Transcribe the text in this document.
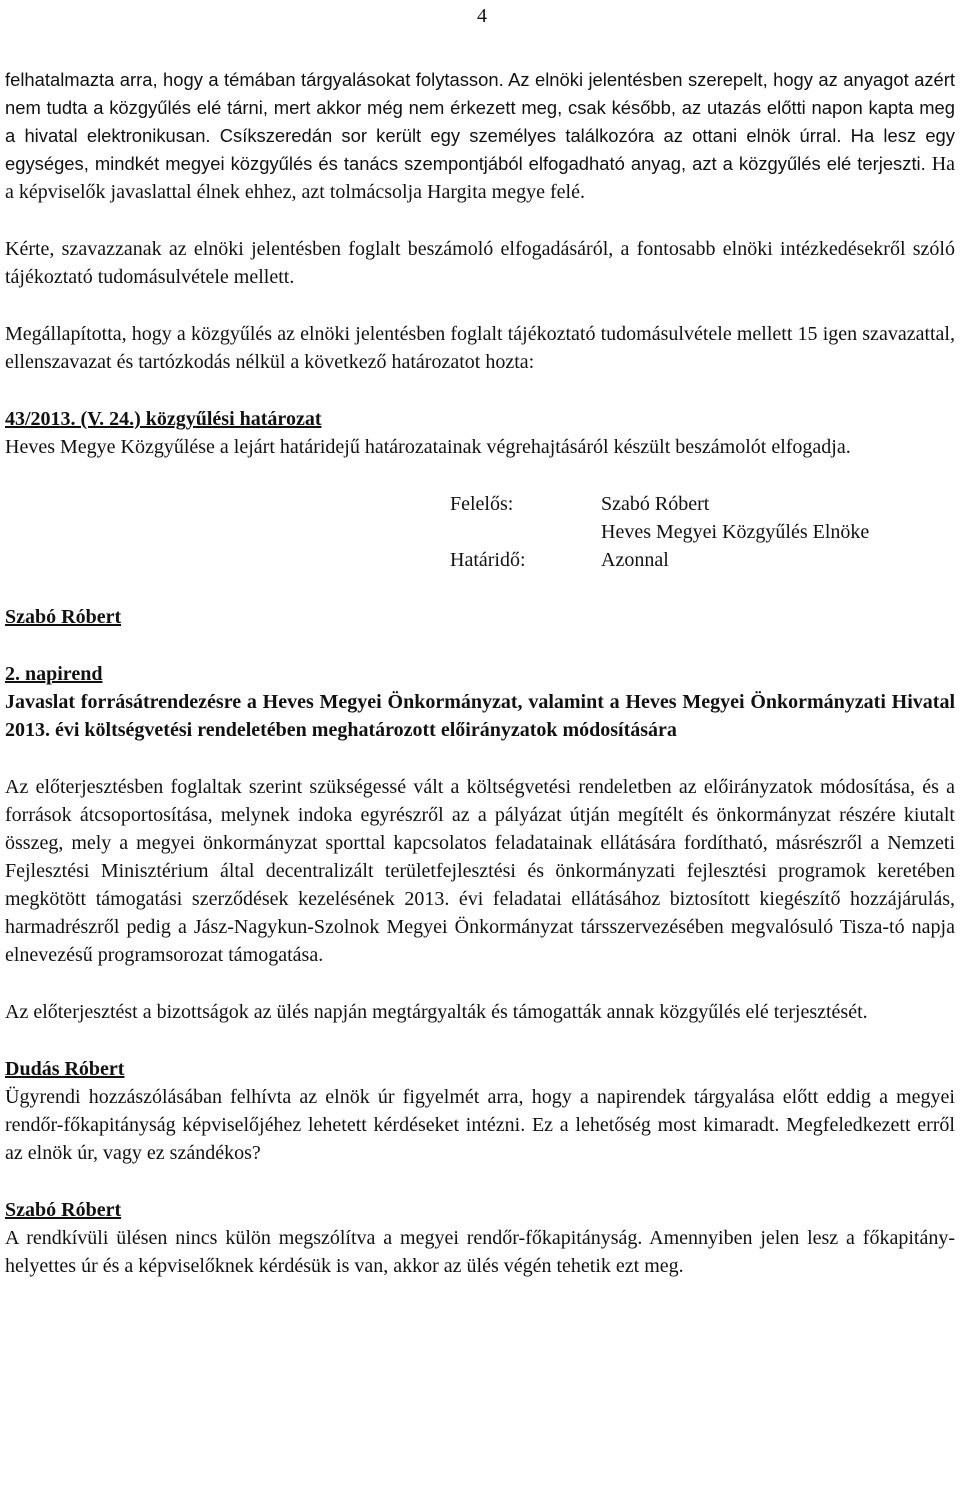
4

felhatalmazta arra, hogy a témában tárgyalásokat folytasson. Az elnöki jelentésben szerepelt, hogy az anyagot azért nem tudta a közgyűlés elé tárni, mert akkor még nem érkezett meg, csak később, az utazás előtti napon kapta meg a hivatal elektronikusan. Csíkszeredán sor került egy személyes találkozóra az ottani elnök úrral. Ha lesz egy egységes, mindkét megyei közgyűlés és tanács szempontjából elfogadható anyag, azt a közgyűlés elé terjeszti. Ha a képviselők javaslattal élnek ehhez, azt tolmácsolja Hargita megye felé.

Kérte, szavazzanak az elnöki jelentésben foglalt beszámoló elfogadásáról, a fontosabb elnöki intézkedésekről szóló tájékoztató tudomásulvétele mellett.

Megállapította, hogy a közgyűlés az elnöki jelentésben foglalt tájékoztató tudomásulvétele mellett 15 igen szavazattal, ellenszavazat és tartózkodás nélkül a következő határozatot hozta:

43/2013. (V. 24.) közgyűlési határozat

Heves Megye Közgyűlése a lejárt határidejű határozatainak végrehajtásáról készült beszámolót elfogadja.

Felelős:	Szabó Róbert
Heves Megyei Közgyűlés Elnöke
Határidő:	Azonnal

Szabó Róbert

2. napirend

Javaslat forrásátrendezésre a Heves Megyei Önkormányzat, valamint a Heves Megyei Önkormányzati Hivatal 2013. évi költségvetési rendeletében meghatározott előirányzatok módosítására

Az előterjesztésben foglaltak szerint szükségessé vált a költségvetési rendeletben az előirányzatok módosítása, és a források átcsoportosítása, melynek indoka egyrészről az a pályázat útján megítélt és önkormányzat részére kiutalt összeg, mely a megyei önkormányzat sporttal kapcsolatos feladatainak ellátására fordítható, másrészről a Nemzeti Fejlesztési Minisztérium által decentralizált területfejlesztési és önkormányzati fejlesztési programok keretében megkötött támogatási szerződések kezelésének 2013. évi feladatai ellátásához biztosított kiegészítő hozzájárulás, harmadrészről pedig a Jász-Nagykun-Szolnok Megyei Önkormányzat társszervezésében megvalósuló Tisza-tó napja elnevezésű programsorozat támogatása.

Az előterjesztést a bizottságok az ülés napján megtárgyalták és támogatták annak közgyűlés elé terjesztését.

Dudás Róbert

Ügyrendi hozzászólásában felhívta az elnök úr figyelmét arra, hogy a napirendek tárgyalása előtt eddig a megyei rendőr-főkapitányság képviselőjéhez lehetett kérdéseket intézni. Ez a lehetőség most kimaradt. Megfeledkezett erről az elnök úr, vagy ez szándékos?

Szabó Róbert

A rendkívüli ülésen nincs külön megszólítva a megyei rendőr-főkapitányság. Amennyiben jelen lesz a főkapitány-helyettes úr és a képviselőknek kérdésük is van, akkor az ülés végén tehetik ezt meg.
